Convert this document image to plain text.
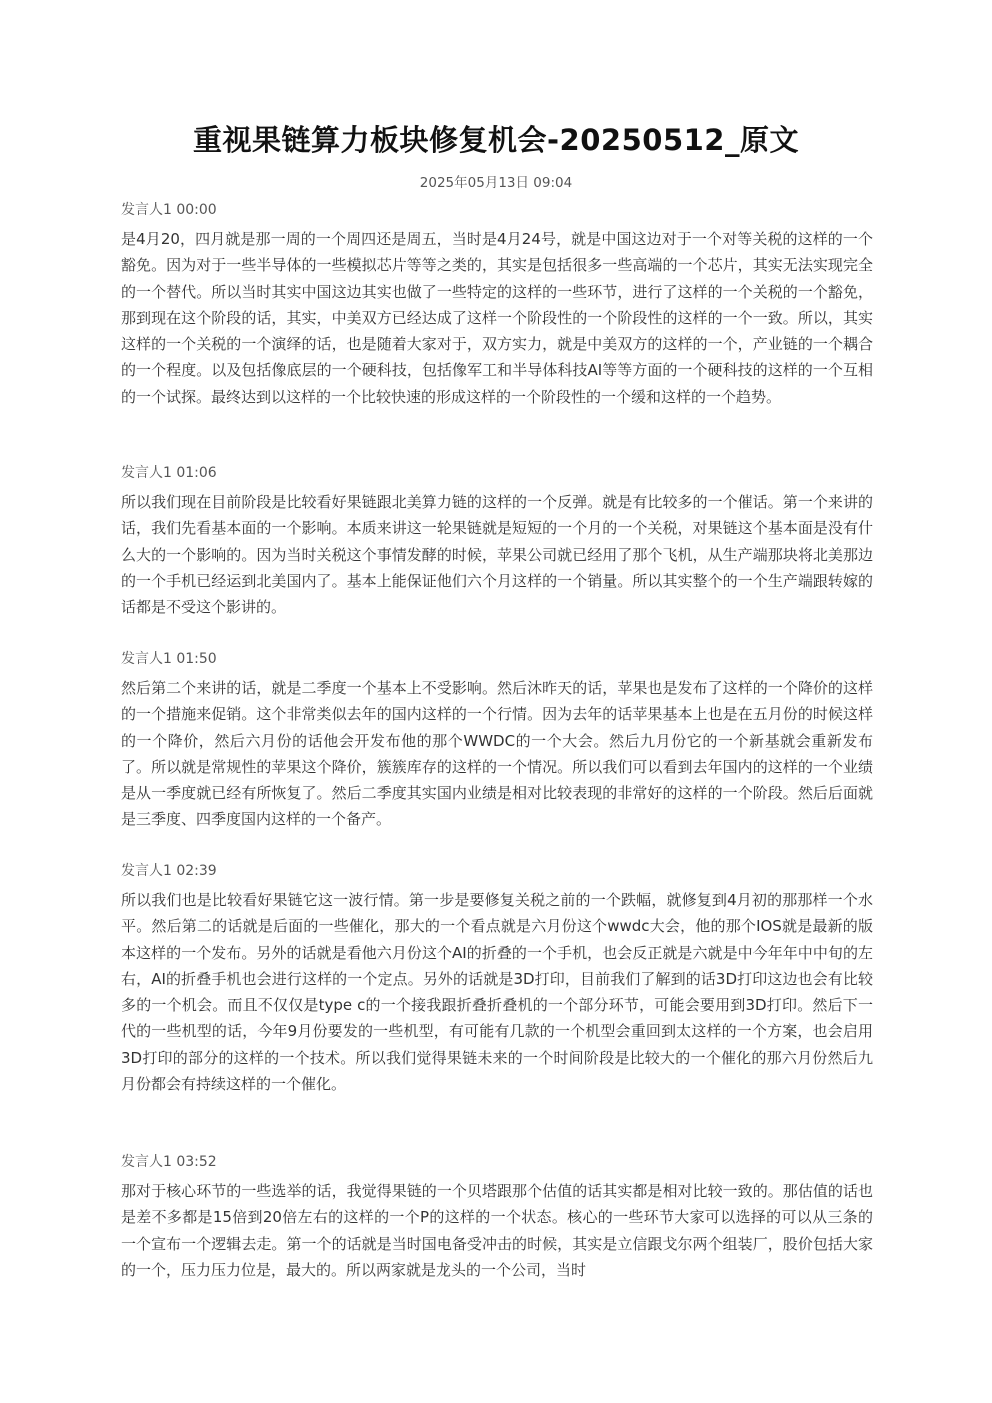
重视果链算力板块修复机会-20250512_原文
2025年05月13日 09:04

发言人1 00:00

是4月20，四月就是那一周的一个周四还是周五，当时是4月24号，就是中国这边对于一个对等关税的这样的一个豁免。因为对于一些半导体的一些模拟芯片等等之类的，其实是包括很多一些高端的一个芯片，其实无法实现完全的一个替代。所以当时其实中国这边其实也做了一些特定的这样的一些环节，进行了这样的一个关税的一个豁免，那到现在这个阶段的话，其实，中美双方已经达成了这样一个阶段性的一个阶段性的这样的一个一致。所以，其实这样的一个关税的一个演绎的话，也是随着大家对于，双方实力，就是中美双方的这样的一个，产业链的一个耦合的一个程度。以及包括像底层的一个硬科技，包括像军工和半导体科技AI等等方面的一个硬科技的这样的一个互相的一个试探。最终达到以这样的一个比较快速的形成这样的一个阶段性的一个缓和这样的一个趋势。

发言人1 01:06

所以我们现在目前阶段是比较看好果链跟北美算力链的这样的一个反弹。就是有比较多的一个催话。第一个来讲的话，我们先看基本面的一个影响。本质来讲这一轮果链就是短短的一个月的一个关税，对果链这个基本面是没有什么大的一个影响的。因为当时关税这个事情发酵的时候，苹果公司就已经用了那个飞机，从生产端那块将北美那边的一个手机已经运到北美国内了。基本上能保证他们六个月这样的一个销量。所以其实整个的一个生产端跟转嫁的话都是不受这个影讲的。

发言人1 01:50

然后第二个来讲的话，就是二季度一个基本上不受影响。然后沐昨天的话，苹果也是发布了这样的一个降价的这样的一个措施来促销。这个非常类似去年的国内这样的一个行情。因为去年的话苹果基本上也是在五月份的时候这样的一个降价，然后六月份的话他会开发布他的那个WWDC的一个大会。然后九月份它的一个新基就会重新发布了。所以就是常规性的苹果这个降价，簇簇库存的这样的一个情况。所以我们可以看到去年国内的这样的一个业绩是从一季度就已经有所恢复了。然后二季度其实国内业绩是相对比较表现的非常好的这样的一个阶段。然后后面就是三季度、四季度国内这样的一个备产。

发言人1 02:39

所以我们也是比较看好果链它这一波行情。第一步是要修复关税之前的一个跌幅，就修复到4月初的那那样一个水平。然后第二的话就是后面的一些催化，那大的一个看点就是六月份这个wwdc大会，他的那个IOS就是最新的版本这样的一个发布。另外的话就是看他六月份这个AI的折叠的一个手机，也会反正就是六就是中今年年中中旬的左右，AI的折叠手机也会进行这样的一个定点。另外的话就是3D打印，目前我们了解到的话3D打印这边也会有比较多的一个机会。而且不仅仅是type c的一个接我跟折叠折叠机的一个部分环节，可能会要用到3D打印。然后下一代的一些机型的话，今年9月份要发的一些机型，有可能有几款的一个机型会重回到太这样的一个方案，也会启用3D打印的部分的这样的一个技术。所以我们觉得果链未来的一个时间阶段是比较大的一个催化的那六月份然后九月份都会有持续这样的一个催化。

发言人1 03:52

那对于核心环节的一些选举的话，我觉得果链的一个贝塔跟那个估值的话其实都是相对比较一致的。那估值的话也是差不多都是15倍到20倍左右的这样的一个P的这样的一个状态。核心的一些环节大家可以选择的可以从三条的一个宣布一个逻辑去走。第一个的话就是当时国电备受冲击的时候，其实是立信跟戈尔两个组装厂，股价包括大家的一个，压力压力位是，最大的。所以两家就是龙头的一个公司，当时
